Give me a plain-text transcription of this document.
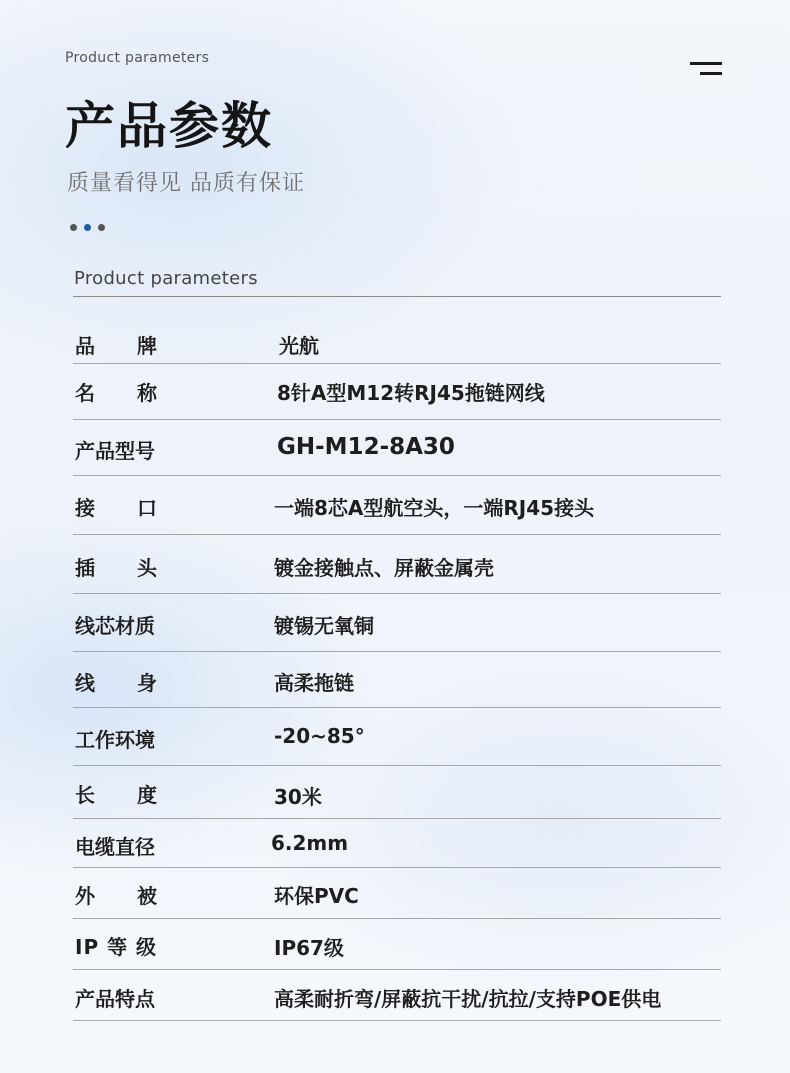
Product parameters
产品参数
质量看得见 品质有保证
Product parameters
品 牌	光航
名 称	8针A型M12转RJ45拖链网线
产品型号	GH-M12-8A30
接 口	一端8芯A型航空头，一端RJ45接头
插 头	镀金接触点、屏蔽金属壳
线芯材质	镀锡无氧铜
线 身	高柔拖链
工作环境	-20~85°
长 度	30米
电缆直径	6.2mm
外 被	环保PVC
IP 等 级	IP67级
产品特点	高柔耐折弯/屏蔽抗干扰/抗拉/支持POE供电
